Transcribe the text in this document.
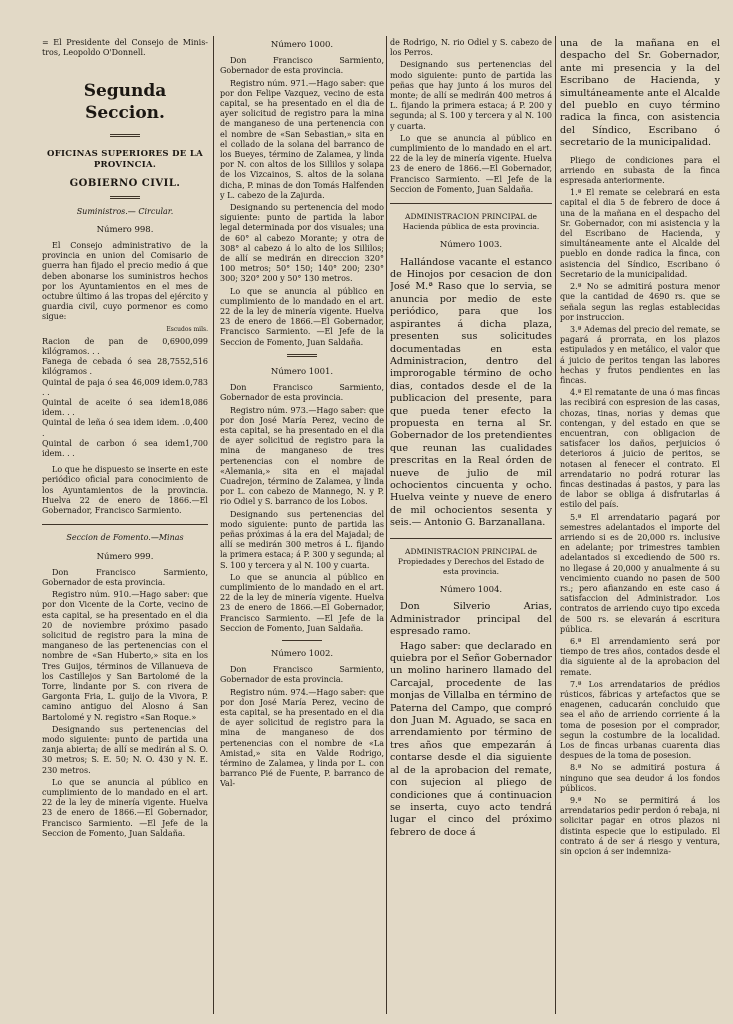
= El Presidente del Consejo de Minis- tros, Leopoldo O'Donnell.

Segunda Seccion.
OFICINAS SUPERIORES DE LA PROVINCIA.
GOBIERNO CIVIL.

Suministros.— Circular.

Número 998.

El Consejo administrativo de la provincia en union del Comisario de guerra han fijado el precio medio á que deben abonarse los suministros hechos por los Ayuntamientos en el mes de octubre último á las tropas del ejército y guardia civil, cuyo pormenor es como sigue:

Escudos mils.

Racion de pan de 0,690 kilógramos. . .
0,099
Fanega de cebada ó sea 28,755 kilógramos .
2,516
Quintal de paja ó sea 46,009 idem. . .
0,783
Quintal de aceite ó sea idem idem. . .
18,086
Quintal de leña ó sea idem idem. . .
0,400
Quintal de carbon ó sea idem idem. . .
1,700

Lo que he dispuesto se inserte en este periódico oficial para conocimiento de los Ayuntamientos de la provincia. Huelva 22 de enero de 1866.—El Gobernador, Francisco Sarmiento.

Seccion de Fomento.—Minas

Número 999.

Don Francisco Sarmiento, Gobernador de esta provincia.

Registro núm. 910.—Hago saber: que por don Vicente de la Corte, vecino de esta capital, se ha presentado en el dia 20 de noviembre próximo pasado solicitud de registro para la mina de manganeso de las pertenencias con el nombre de «San Huberto,» sita en los Tres Guijos, términos de Villanueva de los Castillejos y San Bartolomé de la Torre, lindante por S. con rivera de Gargonta Fria, L. guijo de la Vivora, P. camino antiguo del Alosno á San Bartolomé y N. registro «San Roque.»

Designando sus pertenencias del modo siguiente: punto de partida una zanja abierta; de allí se medirán al S. O. 30 metros; S. E. 50; N. O. 430 y N. E. 230 metros.

Lo que se anuncia al público en cumplimiento de lo mandado en el art. 22 de la ley de minería vigente. Huelva 23 de enero de 1866.—El Gobernador, Francisco Sarmiento. —El Jefe de la Seccion de Fomento, Juan Saldaña.

Número 1000.

Don Francisco Sarmiento, Gobernador de esta provincia.

Registro núm. 971.—Hago saber: que por don Felipe Vazquez, vecino de esta capital, se ha presentado en el dia de ayer solicitud de registro para la mina de manganeso de una pertenencia con el nombre de «San Sebastian,» sita en el collado de la solana del barranco de los Bueyes, término de Zalamea, y linda por N. con altos de los Sillilos y solapa de los Vizcainos, S. altos de la solana dicha, P. minas de don Tomás Halfenden y L. cabezo de la Zajurda.

Designando su pertenencia del modo siguiente: punto de partida la labor legal determinada por dos visuales; una de 60° al cabezo Morante; y otra de 308° al cabezo á lo alto de los Sillilos; de allí se medirán en direccion 320° 100 metros; 50° 150; 140° 200; 230° 300; 320° 200 y 50° 130 metros.

Lo que se anuncia al público en cumplimiento de lo mandado en el art. 22 de la ley de minería vigente. Huelva 23 de enero de 1866.—El Gobernador, Francisco Sarmiento. —El Jefe de la Seccion de Fomento, Juan Saldaña.

Número 1001.

Don Francisco Sarmiento, Gobernador de esta provincia.

Registro núm. 973.—Hago saber: que por don José María Perez, vecino de esta capital, se ha presentado en el dia de ayer solicitud de registro para la mina de manganeso de tres pertenencias con el nombre de «Alemania,» sita en el majadal Cuadrejon, término de Zalamea, y linda por L. con cabezo de Mannego, N. y P. rio Odiel y S. barranco de los Lobos.

Designando sus pertenencias del modo siguiente: punto de partida las peñas próximas á la era del Majadal; de allí se medirán 300 metros á L. fijando la primera estaca; á P. 300 y segunda; al S. 100 y tercera y al N. 100 y cuarta.

Lo que se anuncia al público en cumplimiento de lo mandado en el art. 22 de la ley de minería vigente. Huelva 23 de enero de 1866.—El Gobernador, Francisco Sarmiento. —El Jefe de la Seccion de Fomento, Juan Saldaña.

Número 1002.

Don Francisco Sarmiento, Gobernador de esta provincia.

Registro núm. 974.—Hago saber: que por don José María Perez, vecino de esta capital, se ha presentado en el dia de ayer solicitud de registro para la mina de manganeso de dos pertenencias con el nombre de «La Amistad,» sita en Valde Rodrigo, término de Zalamea, y linda por L. con barranco Pié de Fuente, P. barranco de Val-

de Rodrigo, N. rio Odiel y S. cabezo de los Perros.

Designando sus pertenencias del modo siguiente: punto de partida las peñas que hay junto á los muros del monte; de allí se medirán 400 metros á L. fijando la primera estaca; á P. 200 y segunda; al S. 100 y tercera y al N. 100 y cuarta.

Lo que se anuncia al público en cumplimiento de lo mandado en el art. 22 de la ley de minería vigente. Huelva 23 de enero de 1866.—El Gobernador, Francisco Sarmiento. —El Jefe de la Seccion de Fomento, Juan Saldaña.

ADMINISTRACION PRINCIPAL de Hacienda pública de esta provincia.

Número 1003.

Hallándose vacante el estanco de Hinojos por cesacion de don José M.ª Raso que lo servia, se anuncia por medio de este periódico, para que los aspirantes á dicha plaza, presenten sus solicitudes documentadas en esta Administracion, dentro del improrogable término de ocho dias, contados desde el de la publicacion del presente, para que pueda tener efecto la propuesta en terna al Sr. Gobernador de los pretendientes que reunan las cualidades prescritas en la Real órden de nueve de julio de mil ochocientos cincuenta y ocho. Huelva veinte y nueve de enero de mil ochocientos sesenta y seis.— Antonio G. Barzanallana.

ADMINISTRACION PRINCIPAL de Propiedades y Derechos del Estado de esta provincia.

Número 1004.

Don Silverio Arias, Administrador principal del espresado ramo.

Hago saber: que declarado en quiebra por el Señor Gobernador un molino harinero llamado del Carcajal, procedente de las monjas de Villalba en término de Paterna del Campo, que compró don Juan M. Aguado, se saca en arrendamiento por término de tres años que empezarán á contarse desde el dia siguiente al de la aprobacion del remate, con sujecion al pliego de condiciones que á continuacion se inserta, cuyo acto tendrá lugar el cinco del próximo febrero de doce á

una de la mañana en el despacho del Sr. Gobernador, ante mi presencia y la del Escribano de Hacienda, y simultáneamente ante el Alcalde del pueblo en cuyo término radica la finca, con asistencia del Síndico, Escribano ó secretario de la municipalidad.

Pliego de condiciones para el arriendo en subasta de la finca espresada anteriormente.

1.ª El remate se celebrará en esta capital el dia 5 de febrero de doce á una de la mañana en el despacho del Sr. Gobernador, con mi asistencia y la del Escribano de Hacienda, y simultáneamente ante el Alcalde del pueblo en donde radica la finca, con asistencia del Síndico, Escribano ó Secretario de la municipalidad.

2.ª No se admitirá postura menor que la cantidad de 4690 rs. que se señala segun las reglas establecidas por instruccion.

3.ª Ademas del precio del remate, se pagará á prorrata, en los plazos estipulados y en metálico, el valor que á juicio de peritos tengan las labores hechas y frutos pendientes en las fincas.

4.ª El rematante de una ó mas fincas las recibirá con espresion de las casas, chozas, tinas, norias y demas que contengan, y del estado en que se encuentran, con obligacion de satisfacer los daños, perjuicios ó deterioros á juicio de peritos, se notasen al fenecer el contrato. El arrendatario no podrá roturar las fincas destinadas á pastos, y para las de labor se obliga á disfrutarlas á estilo del país.

5.ª El arrendatario pagará por semestres adelantados el importe del arriendo si es de 20,000 rs. inclusive en adelante; por trimestres tambien adelantados si excediendo de 500 rs. no llegase á 20,000 y anualmente á su vencimiento cuando no pasen de 500 rs.; pero afianzando en este caso á satisfaccion del Administrador. Los contratos de arriendo cuyo tipo exceda de 500 rs. se elevarán á escritura pública.

6.ª El arrendamiento será por tiempo de tres años, contados desde el dia siguiente al de la aprobacion del remate.

7.ª Los arrendatarios de prédios rústicos, fábricas y artefactos que se enagenen, caducarán concluido que sea el año de arriendo corriente á la toma de posesion por el comprador, segun la costumbre de la localidad. Los de fincas urbanas cuarenta dias despues de la toma de posesion.

8.ª No se admitirá postura á ninguno que sea deudor á los fondos públicos.

9.ª No se permitirá á los arrendatarios pedir perdon ó rebaja, ni solicitar pagar en otros plazos ni distinta especie que lo estipulado. El contrato á de ser á riesgo y ventura, sin opcion á ser indemniza-
